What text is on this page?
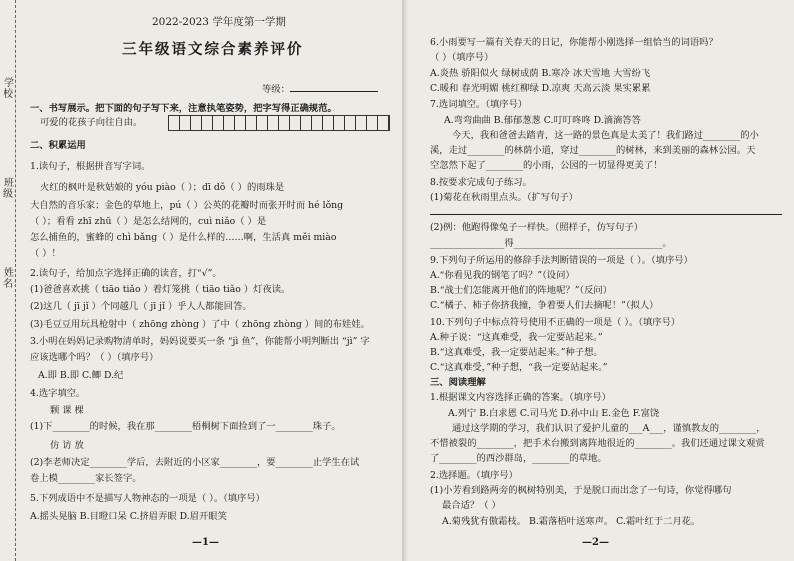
学校：
班级：
姓名：
2022-2023 学年度第一学期
三年级语文综合素养评价
等级：
一、书写展示。把下面的句子写下来，注意执笔姿势，把字写得正确规范。
可爱的花孩子向往自由。
二、积累运用
1.读句子，根据拼音写字词。
火红的枫叶是秋姑娘的 yóu piào（ ）；dī dǒ（ ）的雨珠是
大自然的音乐家；金色的草地上，pú（ ）公英的花瓣时而张开时而 hé lǒng
（ ）；看看 zhī zhū（ ）是怎么结网的，cuì niǎo（ ）是
怎么捕鱼的，蜜蜂的 chì bǎng（ ）是什么样的……啊，生活真 měi miào
（ ）！
2.读句子，给加点字选择正确的读音，打“√”。
(1)爸爸喜欢挑（ tiāo tiǎo ）着灯笼挑（ tiāo tiǎo ）灯夜读。
(2)这几（ jī jǐ ）个同越几（ jī jǐ ）乎人人都能回答。
(3)毛豆豆用玩具枪射中（ zhōng zhòng ）了中（ zhōng zhòng ）间的布娃娃。
3.小明在妈妈记录购物清单时，妈妈说要买一条 “jì 鱼”，你能帮小明判断出 “jì” 字
应该选哪个吗？（ ）（填序号）
A.即 B.即 C.鲫 D.纪
4.选字填空。
颗 课 棵
(1)下________的时候，我在那________梧桐树下面捡到了一________珠子。
仿 访 放
(2)李老师决定________学后，去附近的小区家________，要________止学生在试
卷上模________家长签字。
5.下列成语中不是描写人物神态的一项是（ ）。（填序号）
A.摇头晃脑 B.目瞪口呆 C.挤眉弄眼 D.眉开眼笑
—1—
6.小雨要写一篇有关春天的日记，你能帮小刚选择一组恰当的词语吗？
（ ）（填序号）
A.炎热 骄阳似火 绿树成荫 B.寒冷 冰天雪地 大雪纷飞
C.暖和 春光明媚 桃红柳绿 D.凉爽 天高云淡 果实累累
7.选词填空。（填序号）
A.弯弯曲曲 B.郁郁葱葱 C.叮叮咚咚 D.滴滴答答
今天，我和爸爸去踏青，这一路的景色真是太美了！我们路过________的小
溪，走过________的林荫小道，穿过________的树林，来到美丽的森林公园。天
空忽然下起了________的小雨，公园的一切显得更美了！
8.按要求完成句子练习。
(1)菊花在秋雨里点头。（扩写句子）
(2)例：他跑得像兔子一样快。（照样子，仿写句子）
________________得________________________________。
9.下列句子所运用的修辞手法判断错误的一项是（ ）。（填序号）
A.“你看见我的钢笔了吗？”（设问）
B.“战士们怎能离开他们的阵地呢？”（反问）
C.“橘子、柿子你挤我撞，争着要人们去摘呢！”（拟人）
10.下列句子中标点符号使用不正确的一项是（ ）。（填序号）
A.种子说：“这真难受，我一定要站起来。”
B.“这真难受，我一定要站起来。”种子想。
C.“这真难受，”种子想，“我一定要站起来。”
三、阅读理解
1.根据课文内容选择正确的答案。（填序号）
A.列宁 B.白求恩 C.司马光 D.孙中山 E.金色 F.富饶
通过这学期的学习，我们认识了爱护儿童的___A___，谨慎教友的________，
不惜被裂的________，把手术台搬到离阵地很近的________。我们还通过课文观赏
了________的西沙群岛，________的草地。
2.选择题。（填序号）
(1)小芳看到路两旁的枫树特别美，于是脱口而出念了一句诗，你觉得哪句
最合适？（ ）
A.菊残犹有傲霜枝。 B.霜落梧叶送寒声。 C.霜叶红于二月花。
—2—
